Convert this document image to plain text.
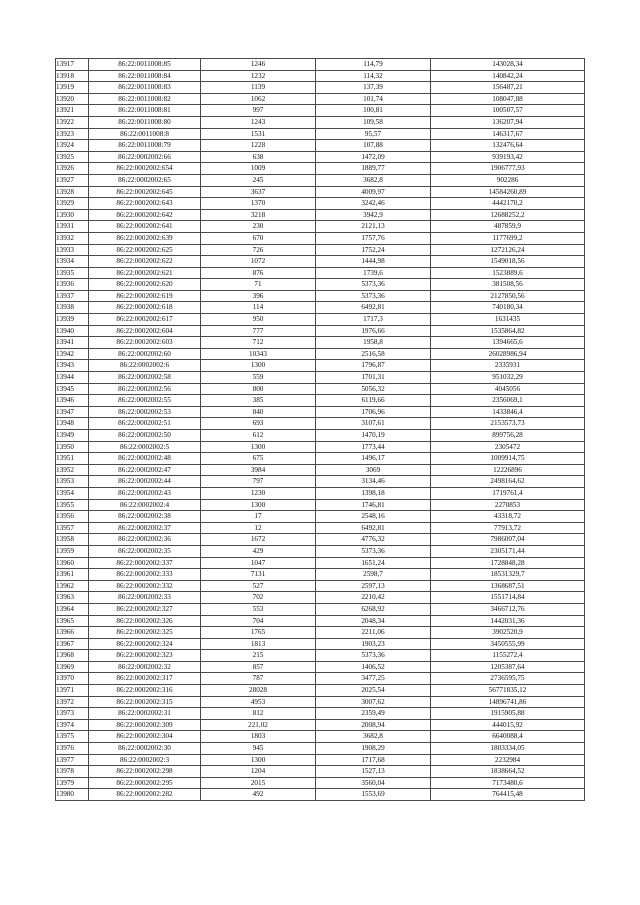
13917	86:22:0011008:85	1246	114,79	143028,34
13918	86:22:0011008:84	1232	114,32	140842,24
13919	86:22:0011008:83	1139	137,39	156487,21
13920	86:22:0011008:82	1062	101,74	108047,88
13921	86:22:0011008:81	997	100,81	100507,57
13922	86:22:0011008:80	1243	109,58	136207,94
13923	86:22:0011008:8	1531	95,57	146317,67
13924	86:22:0011008:79	1228	107,88	132476,64
13925	86:22:0002002:66	638	1472,09	939193,42
13926	86:22:0002002:654	1009	1889,77	1906777,93
13927	86:22:0002002:65	245	3682,8	902286
13928	86:22:0002002:645	3637	4009,97	14584260,89
13929	86:22:0002002:643	1370	3242,46	4442170,2
13930	86:22:0002002:642	3218	3942,9	12688252,2
13931	86:22:0002002:641	230	2121,13	487859,9
13932	86:22:0002002:639	670	1757,76	1177699,2
13933	86:22:0002002:625	726	1752,24	1272126,24
13934	86:22:0002002:622	1072	1444,98	1549018,56
13935	86:22:0002002:621	876	1739,6	1523889,6
13936	86:22:0002002:620	71	5373,36	381508,56
13937	86:22:0002002:619	396	5373,36	2127850,56
13938	86:22:0002002:618	114	6492,81	740180,34
13939	86:22:0002002:617	950	1717,3	1631435
13940	86:22:0002002:604	777	1976,66	1535864,82
13941	86:22:0002002:603	712	1958,8	1394665,6
13942	86:22:0002002:60	10343	2516,58	26028986,94
13943	86:22:0002002:6	1300	1796,87	2335931
13944	86:22:0002002:58	559	1701,31	951032,29
13945	86:22:0002002:56	800	5056,32	4045056
13946	86:22:0002002:55	385	6119,66	2356069,1
13947	86:22:0002002:53	840	1706,96	1433846,4
13948	86:22:0002002:51	693	3107,61	2153573,73
13949	86:22:0002002:50	612	1470,19	899756,28
13950	86:22:0002002:5	1300	1773,44	2305472
13951	86:22:0002002:48	675	1496,17	1009914,75
13952	86:22:0002002:47	3984	3069	12226896
13953	86:22:0002002:44	797	3134,46	2498164,62
13954	86:22:0002002:43	1230	1398,18	1719761,4
13955	86:22:0002002:4	1300	1746,81	2270853
13956	86:22:0002002:38	17	2548,16	43318,72
13957	86:22:0002002:37	12	6492,81	77913,72
13958	86:22:0002002:36	1672	4776,32	7986007,04
13959	86:22:0002002:35	429	5373,36	2305171,44
13960	86:22:0002002:337	1047	1651,24	1728848,28
13961	86:22:0002002:333	7131	2598,7	18531329,7
13962	86:22:0002002:332	527	2597,13	1368687,51
13963	86:22:0002002:33	702	2210,42	1551714,84
13964	86:22:0002002:327	553	6268,92	3466712,76
13965	86:22:0002002:326	704	2048,34	1442031,36
13966	86:22:0002002:325	1765	2211,06	3902520,9
13967	86:22:0002002:324	1813	1903,23	3450555,99
13968	86:22:0002002:323	215	5373,36	1155272,4
13969	86:22:0002002:32	857	1406,52	1205387,64
13970	86:22:0002002:317	787	3477,25	2736595,75
13971	86:22:0002002:316	28028	2025,54	56771835,12
13972	86:22:0002002:315	4953	3007,62	14896741,86
13973	86:22:0002002:31	812	2359,49	1915905,88
13974	86:22:0002002:309	221,02	2008,94	444015,92
13975	86:22:0002002:304	1803	3682,8	6640088,4
13976	86:22:0002002:30	945	1908,29	1803334,05
13977	86:22:0002002:3	1300	1717,68	2232984
13978	86:22:0002002:298	1204	1527,13	1838664,52
13979	86:22:0002002:295	2015	3560,04	7173480,6
13980	86:22:0002002:282	492	1553,69	764415,48
